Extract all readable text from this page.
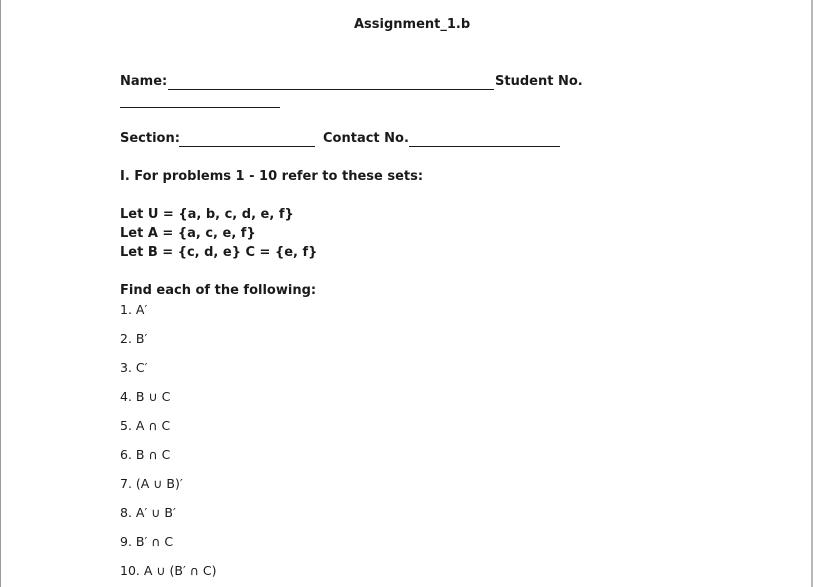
Assignment_1.b
Name:	Student No.
Section:	Contact No.
I. For problems 1 - 10 refer to these sets:
Let U = {a, b, c, d, e, f}
Let A = {a, c, e, f}
Let B = {c, d, e} C = {e, f}
Find each of the following:
1. A′
2. B′
3. C′
4. B ∪ C
5. A ∩ C
6. B ∩ C
7. (A ∪ B)′
8. A′ ∪ B′
9. B′ ∩ C
10. A ∪ (B′ ∩ C)
